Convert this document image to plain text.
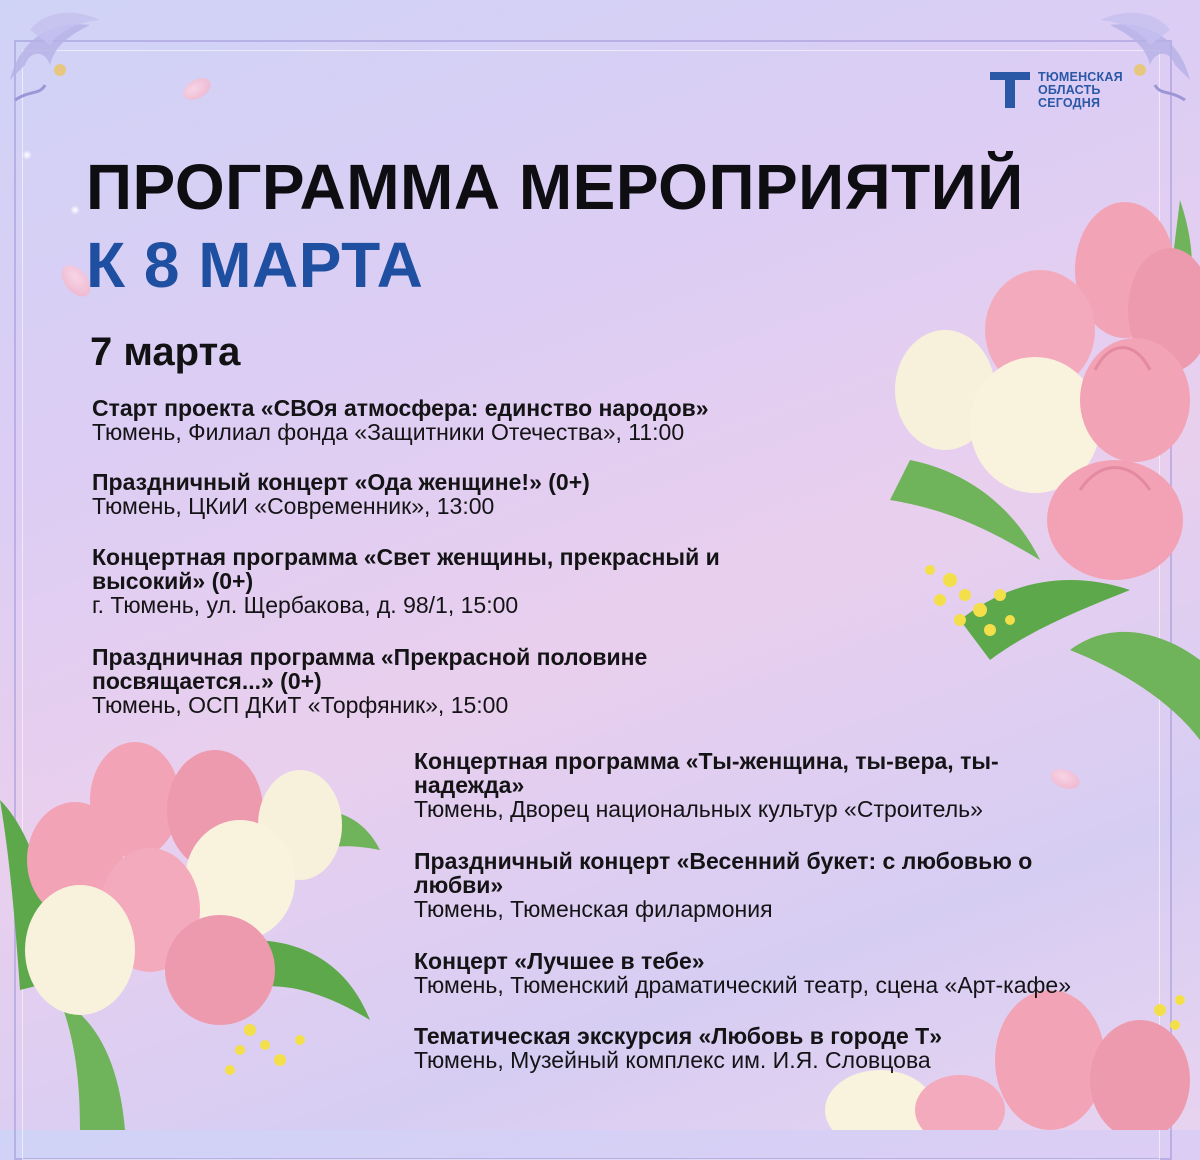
ТЮМЕНСКАЯ
ОБЛАСТЬ
СЕГОДНЯ
ПРОГРАММА МЕРОПРИЯТИЙ
К 8 МАРТА
7 марта
Старт проекта «СВОя атмосфера: единство народов»
Тюмень, Филиал фонда «Защитники Отечества», 11:00
Праздничный концерт «Ода женщине!» (0+)
Тюмень, ЦКиИ «Современник», 13:00
Концертная программа «Свет женщины, прекрасный и
высокий» (0+)
г. Тюмень, ул. Щербакова, д. 98/1, 15:00
Праздничная программа «Прекрасной половине
посвящается...» (0+)
Тюмень, ОСП ДКиТ «Торфяник», 15:00
Концертная программа «Ты-женщина, ты-вера, ты-
надежда»
Тюмень, Дворец национальных культур «Строитель»
Праздничный концерт «Весенний букет: с любовью о
любви»
Тюмень, Тюменская филармония
Концерт «Лучшее в тебе»
Тюмень, Тюменский драматический театр, сцена «Арт-кафе»
Тематическая экскурсия «Любовь в городе Т»
Тюмень, Музейный комплекс им. И.Я. Словцова
